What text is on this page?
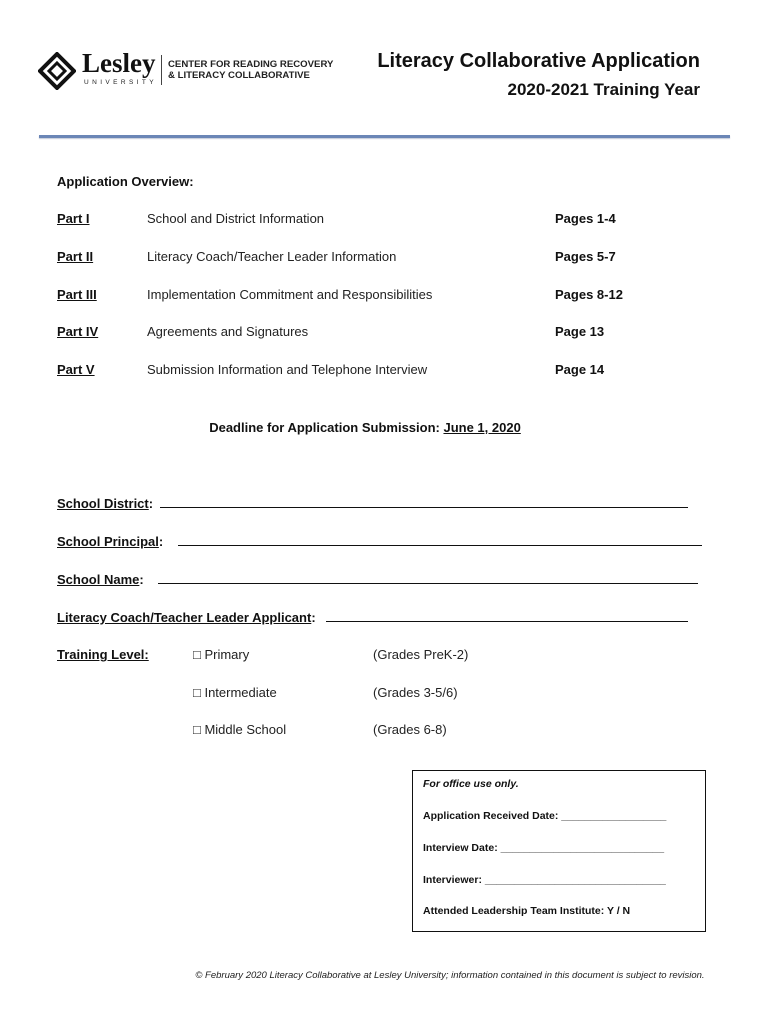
Lesley
UNIVERSITY
CENTER FOR READING RECOVERY
& LITERACY COLLABORATIVE
Literacy Collaborative Application
2020-2021 Training Year
Application Overview:
Part I	School and District Information	Pages 1-4
Part II	Literacy Coach/Teacher Leader Information	Pages 5-7
Part III	Implementation Commitment and Responsibilities	Pages 8-12
Part IV	Agreements and Signatures	Page 13
Part V	Submission Information and Telephone Interview	Page 14
Deadline for Application Submission: June 1, 2020
School District:
School Principal:
School Name:
Literacy Coach/Teacher Leader Applicant:
Training Level:	□ Primary	(Grades PreK-2)
□ Intermediate	(Grades 3-5/6)
□ Middle School	(Grades 6-8)
For office use only.
Application Received Date: __________________
Interview Date: ____________________________
Interviewer: _______________________________
Attended Leadership Team Institute: Y / N
© February 2020 Literacy Collaborative at Lesley University; information contained in this document is subject to revision.
